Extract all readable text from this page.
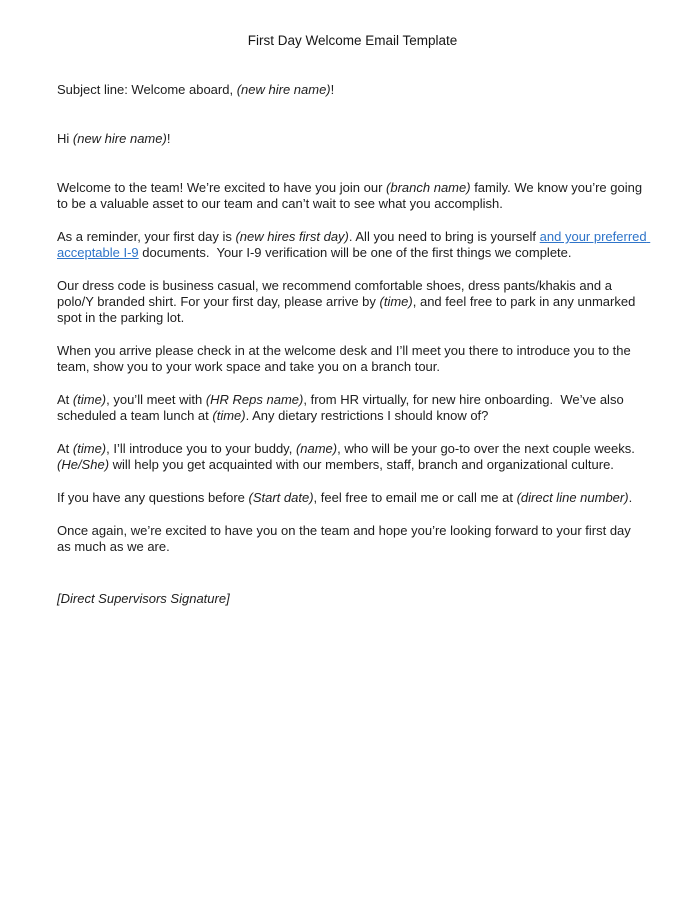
First Day Welcome Email Template

Subject line: Welcome aboard, (new hire name)!

Hi (new hire name)!

Welcome to the team! We’re excited to have you join our (branch name) family. We know you’re going to be a valuable asset to our team and can’t wait to see what you accomplish.

As a reminder, your first day is (new hires first day). All you need to bring is yourself and your preferred acceptable I-9 documents.  Your I-9 verification will be one of the first things we complete.

Our dress code is business casual, we recommend comfortable shoes, dress pants/khakis and a polo/Y branded shirt. For your first day, please arrive by (time), and feel free to park in any unmarked spot in the parking lot.

When you arrive please check in at the welcome desk and I’ll meet you there to introduce you to the team, show you to your work space and take you on a branch tour.

At (time), you’ll meet with (HR Reps name), from HR virtually, for new hire onboarding.  We’ve also scheduled a team lunch at (time). Any dietary restrictions I should know of?

At (time), I’ll introduce you to your buddy, (name), who will be your go-to over the next couple weeks. (He/She) will help you get acquainted with our members, staff, branch and organizational culture.

If you have any questions before (Start date), feel free to email me or call me at (direct line number).

Once again, we’re excited to have you on the team and hope you’re looking forward to your first day as much as we are.

[Direct Supervisors Signature]
